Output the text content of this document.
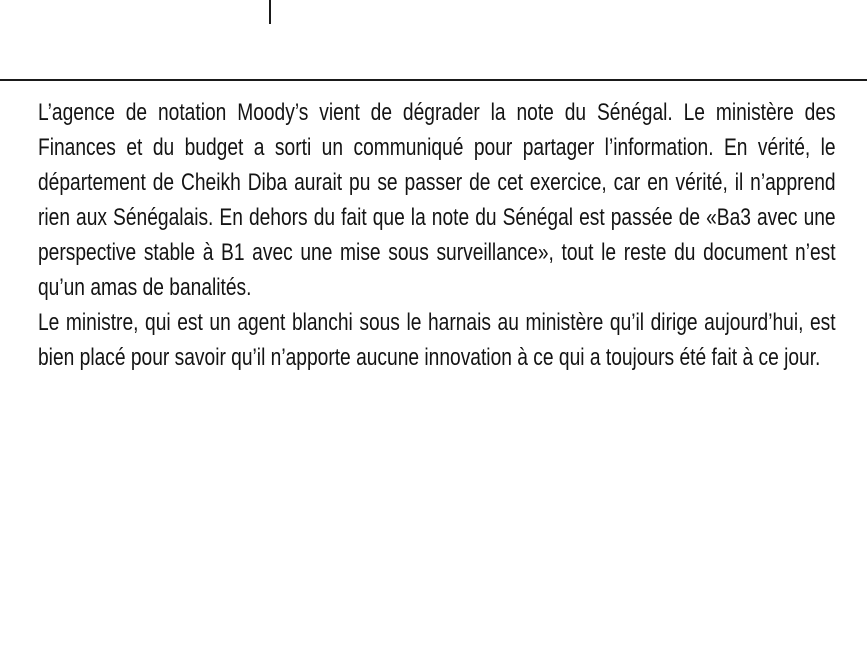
L’agence de notation Moody’s vient de dégrader la note du Sénégal. Le ministère des Finances et du budget a sorti un communiqué pour partager l’information. En vérité, le département de Cheikh Diba aurait pu se passer de cet exercice, car en vérité, il n’apprend rien aux Sénégalais. En dehors du fait que la note du Sénégal est passée de «Ba3 avec une perspective stable à B1 avec une mise sous surveillance», tout le reste du document n’est qu’un amas de banalités.

Le ministre, qui est un agent blanchi sous le harnais au ministère qu’il dirige aujourd’hui, est bien placé pour savoir qu’il n’apporte aucune innovation à ce qui a toujours été fait à ce jour.
